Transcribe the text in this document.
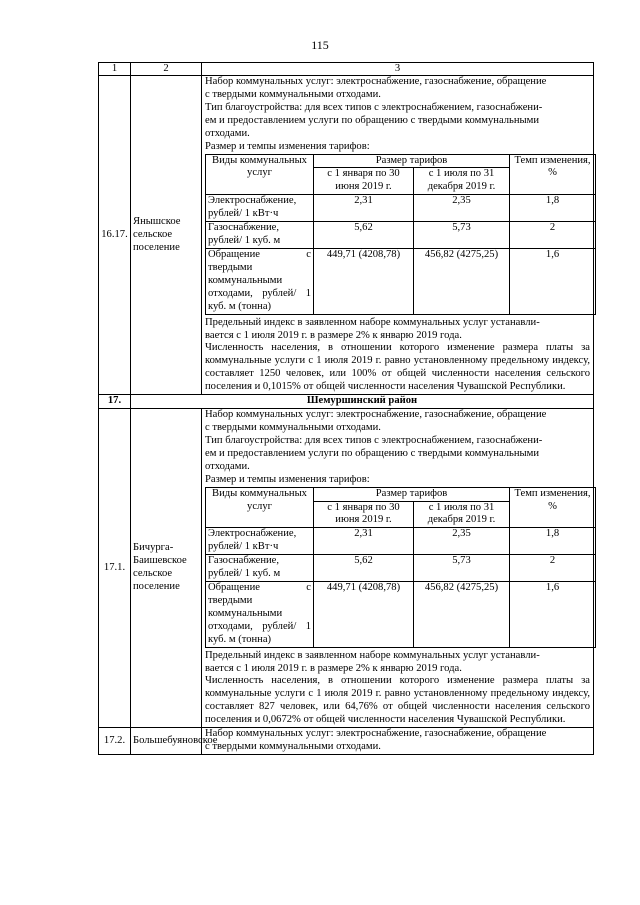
115
1	2	3
16.17.	Янышское сельское поселение	
Набор коммунальных услуг: электроснабжение, газоснабжение, обращение
с твердыми коммунальными отходами.
Тип благоустройства: для всех типов с электроснабжением, газоснабжени-
ем и предоставлением услуги по обращению с твердыми коммунальными
отходами.
Размер и темпы изменения тарифов:
Виды коммунальных услуг	Размер тарифов	Темп изменения, %
с 1 января по 30 июня 2019 г.	с 1 июля по 31 декабря 2019 г.
Электроснабжение, рублей/ 1 кВт·ч	2,31	2,35	1,8
Газоснабжение, рублей/ 1 куб. м	5,62	5,73	2
Обращение с твердыми коммунальными отходами, рублей/ 1 куб. м (тонна)	449,71 (4208,78)	456,82 (4275,25)	1,6
Предельный индекс в заявленном наборе коммунальных услуг устанавли-
вается с 1 июля 2019 г. в размере 2% к январю 2019 года.
Численность населения, в отношении которого изменение размера платы за коммунальные услуги с 1 июля 2019 г. равно установленному предельному индексу, составляет 1250 человек, или 100% от общей численности населения сельского поселения и 0,1015% от общей численности населения Чувашской Республики.

17.	Шемуршинский район
17.1.	Бичурга-Баишевское сельское поселение	
Набор коммунальных услуг: электроснабжение, газоснабжение, обращение
с твердыми коммунальными отходами.
Тип благоустройства: для всех типов с электроснабжением, газоснабжени-
ем и предоставлением услуги по обращению с твердыми коммунальными
отходами.
Размер и темпы изменения тарифов:
Виды коммунальных услуг	Размер тарифов	Темп изменения, %
с 1 января по 30 июня 2019 г.	с 1 июля по 31 декабря 2019 г.
Электроснабжение, рублей/ 1 кВт·ч	2,31	2,35	1,8
Газоснабжение, рублей/ 1 куб. м	5,62	5,73	2
Обращение с твердыми коммунальными отходами, рублей/ 1 куб. м (тонна)	449,71 (4208,78)	456,82 (4275,25)	1,6
Предельный индекс в заявленном наборе коммунальных услуг устанавли-
вается с 1 июля 2019 г. в размере 2% к январю 2019 года.
Численность населения, в отношении которого изменение размера платы за коммунальные услуги с 1 июля 2019 г. равно установленному предельному индексу, составляет 827 человек, или 64,76% от общей численности населения сельского поселения и 0,0672% от общей численности населения Чувашской Республики.

17.2.	Большебуяновское	
Набор коммунальных услуг: электроснабжение, газоснабжение, обращение
с твердыми коммунальными отходами.
